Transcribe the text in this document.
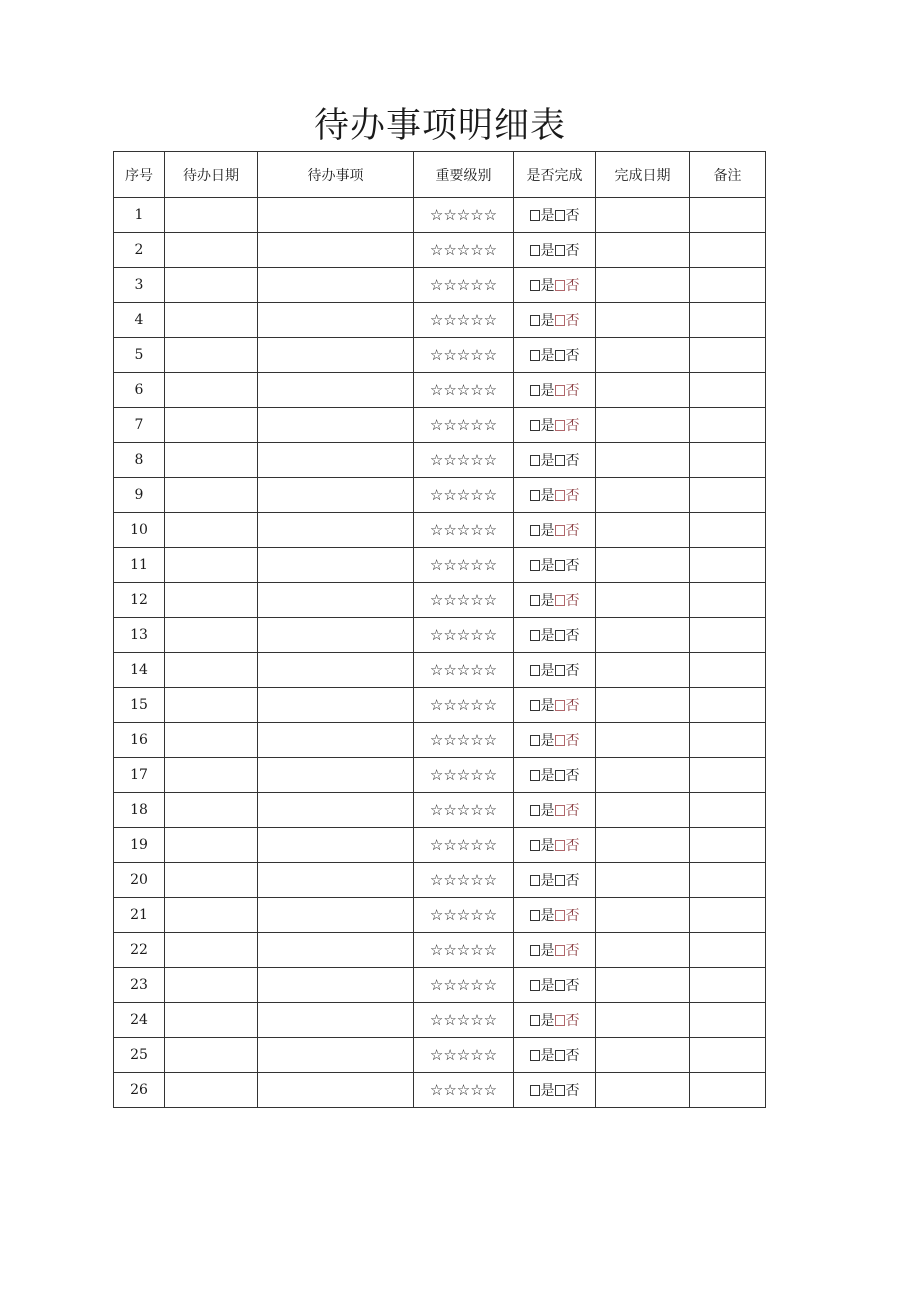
待办事项明细表
序号	待办日期	待办事项	重要级别	是否完成	完成日期	备注
1			☆☆☆☆☆	是 否		
2			☆☆☆☆☆	是 否		
3			☆☆☆☆☆	是 否		
4			☆☆☆☆☆	是 否		
5			☆☆☆☆☆	是 否		
6			☆☆☆☆☆	是 否		
7			☆☆☆☆☆	是 否		
8			☆☆☆☆☆	是 否		
9			☆☆☆☆☆	是 否		
10			☆☆☆☆☆	是 否		
11			☆☆☆☆☆	是 否		
12			☆☆☆☆☆	是 否		
13			☆☆☆☆☆	是 否		
14			☆☆☆☆☆	是 否		
15			☆☆☆☆☆	是 否		
16			☆☆☆☆☆	是 否		
17			☆☆☆☆☆	是 否		
18			☆☆☆☆☆	是 否		
19			☆☆☆☆☆	是 否		
20			☆☆☆☆☆	是 否		
21			☆☆☆☆☆	是 否		
22			☆☆☆☆☆	是 否		
23			☆☆☆☆☆	是 否		
24			☆☆☆☆☆	是 否		
25			☆☆☆☆☆	是 否		
26			☆☆☆☆☆	是 否		
